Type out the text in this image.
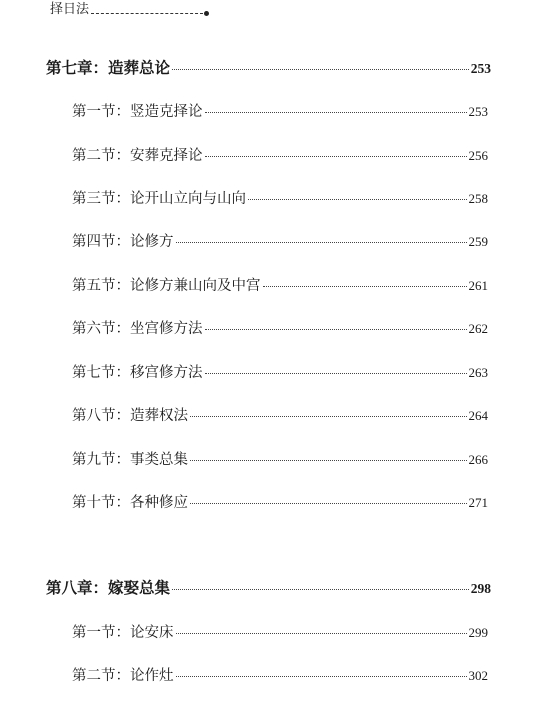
择日法
第七章：造葬总论	253
第一节：竖造克择论	253
第二节：安葬克择论	256
第三节：论开山立向与山向	258
第四节：论修方	259
第五节：论修方兼山向及中宫	261
第六节：坐宫修方法	262
第七节：移宫修方法	263
第八节：造葬权法	264
第九节：事类总集	266
第十节：各种修应	271
第八章：嫁娶总集	298
第一节：论安床	299
第二节：论作灶	302
